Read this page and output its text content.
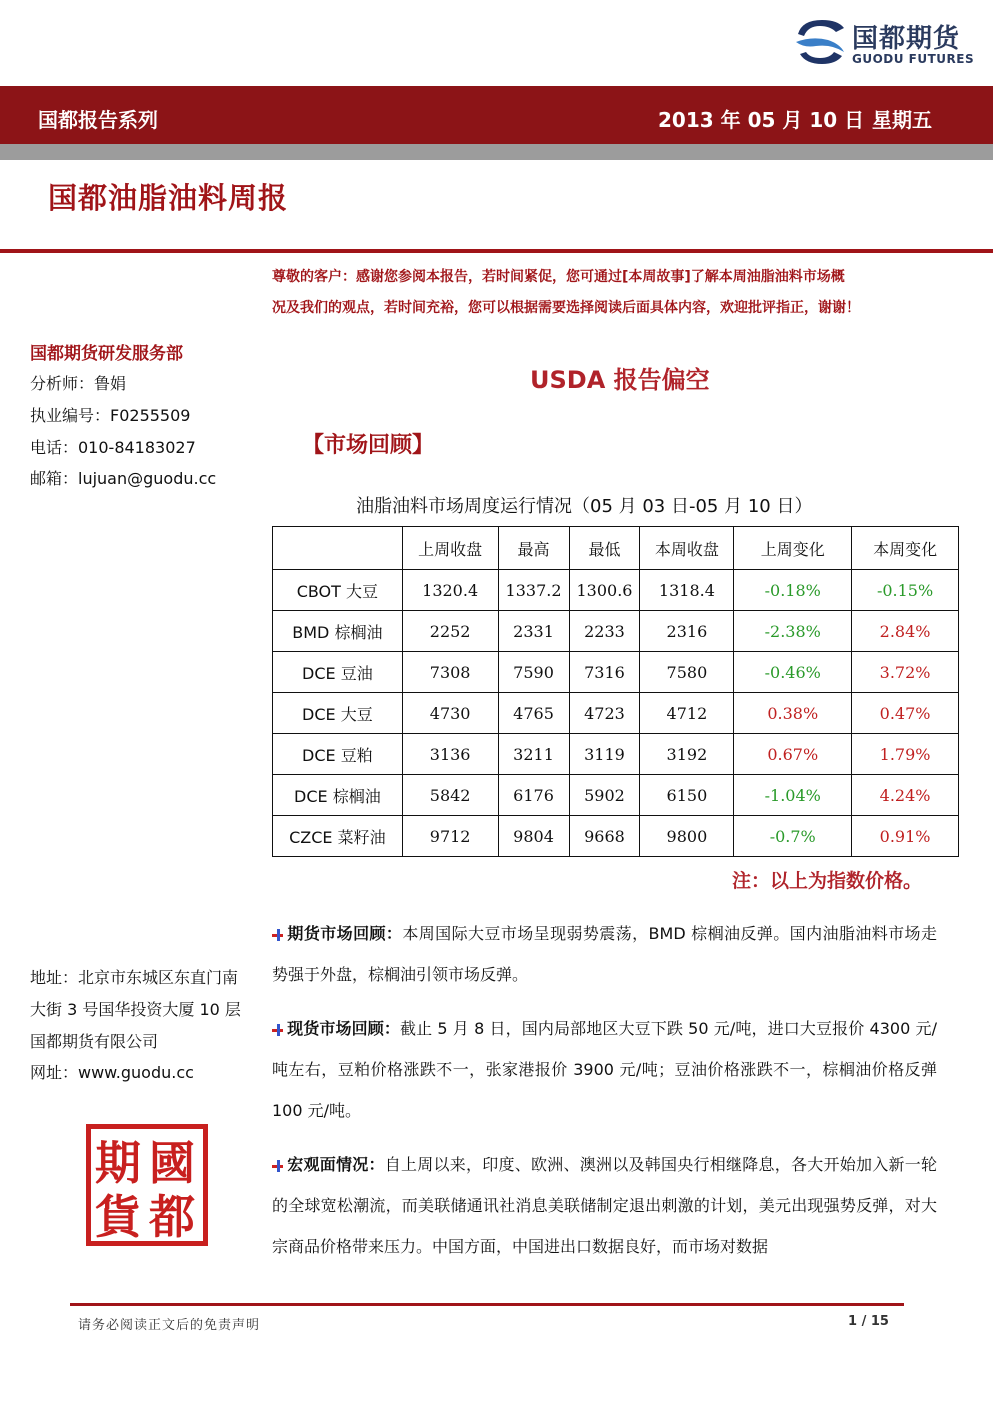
国都期货
GUODU FUTURES
国都报告系列	2013 年 05 月 10 日 星期五
国都油脂油料周报
尊敬的客户：感谢您参阅本报告，若时间紧促，您可通过[本周故事]了解本周油脂油料市场概
况及我们的观点，若时间充裕，您可以根据需要选择阅读后面具体内容，欢迎批评指正，谢谢！
国都期货研发服务部
分析师：鲁娟
执业编号：F0255509
电话：010-84183027
邮箱：lujuan@guodu.cc
地址：北京市东城区东直门南
大街 3 号国华投资大厦 10 层
国都期货有限公司
网址：www.guodu.cc
期 國
貨 都
USDA 报告偏空
【市场回顾】
油脂油料市场周度运行情况（05 月 03 日-05 月 10 日）
	上周收盘	最高	最低	本周收盘	上周变化	本周变化
CBOT 大豆	1320.4	1337.2	1300.6	1318.4	-0.18%	-0.15%
BMD 棕榈油	2252	2331	2233	2316	-2.38%	2.84%
DCE 豆油	7308	7590	7316	7580	-0.46%	3.72%
DCE 大豆	4730	4765	4723	4712	0.38%	0.47%
DCE 豆粕	3136	3211	3119	3192	0.67%	1.79%
DCE 棕榈油	5842	6176	5902	6150	-1.04%	4.24%
CZCE 菜籽油	9712	9804	9668	9800	-0.7%	0.91%
注：以上为指数价格。
期货市场回顾：本周国际大豆市场呈现弱势震荡，BMD 棕榈油反弹。国内油脂油料市场走势强于外盘，棕榈油引领市场反弹。
现货市场回顾：截止 5 月 8 日，国内局部地区大豆下跌 50 元/吨，进口大豆报价 4300 元/吨左右，豆粕价格涨跌不一，张家港报价 3900 元/吨；豆油价格涨跌不一，棕榈油价格反弹 100 元/吨。
宏观面情况：自上周以来，印度、欧洲、澳洲以及韩国央行相继降息，各大开始加入新一轮的全球宽松潮流，而美联储通讯社消息美联储制定退出刺激的计划，美元出现强势反弹，对大宗商品价格带来压力。中国方面，中国进出口数据良好，而市场对数据
请务必阅读正文后的免责声明	1 / 15
